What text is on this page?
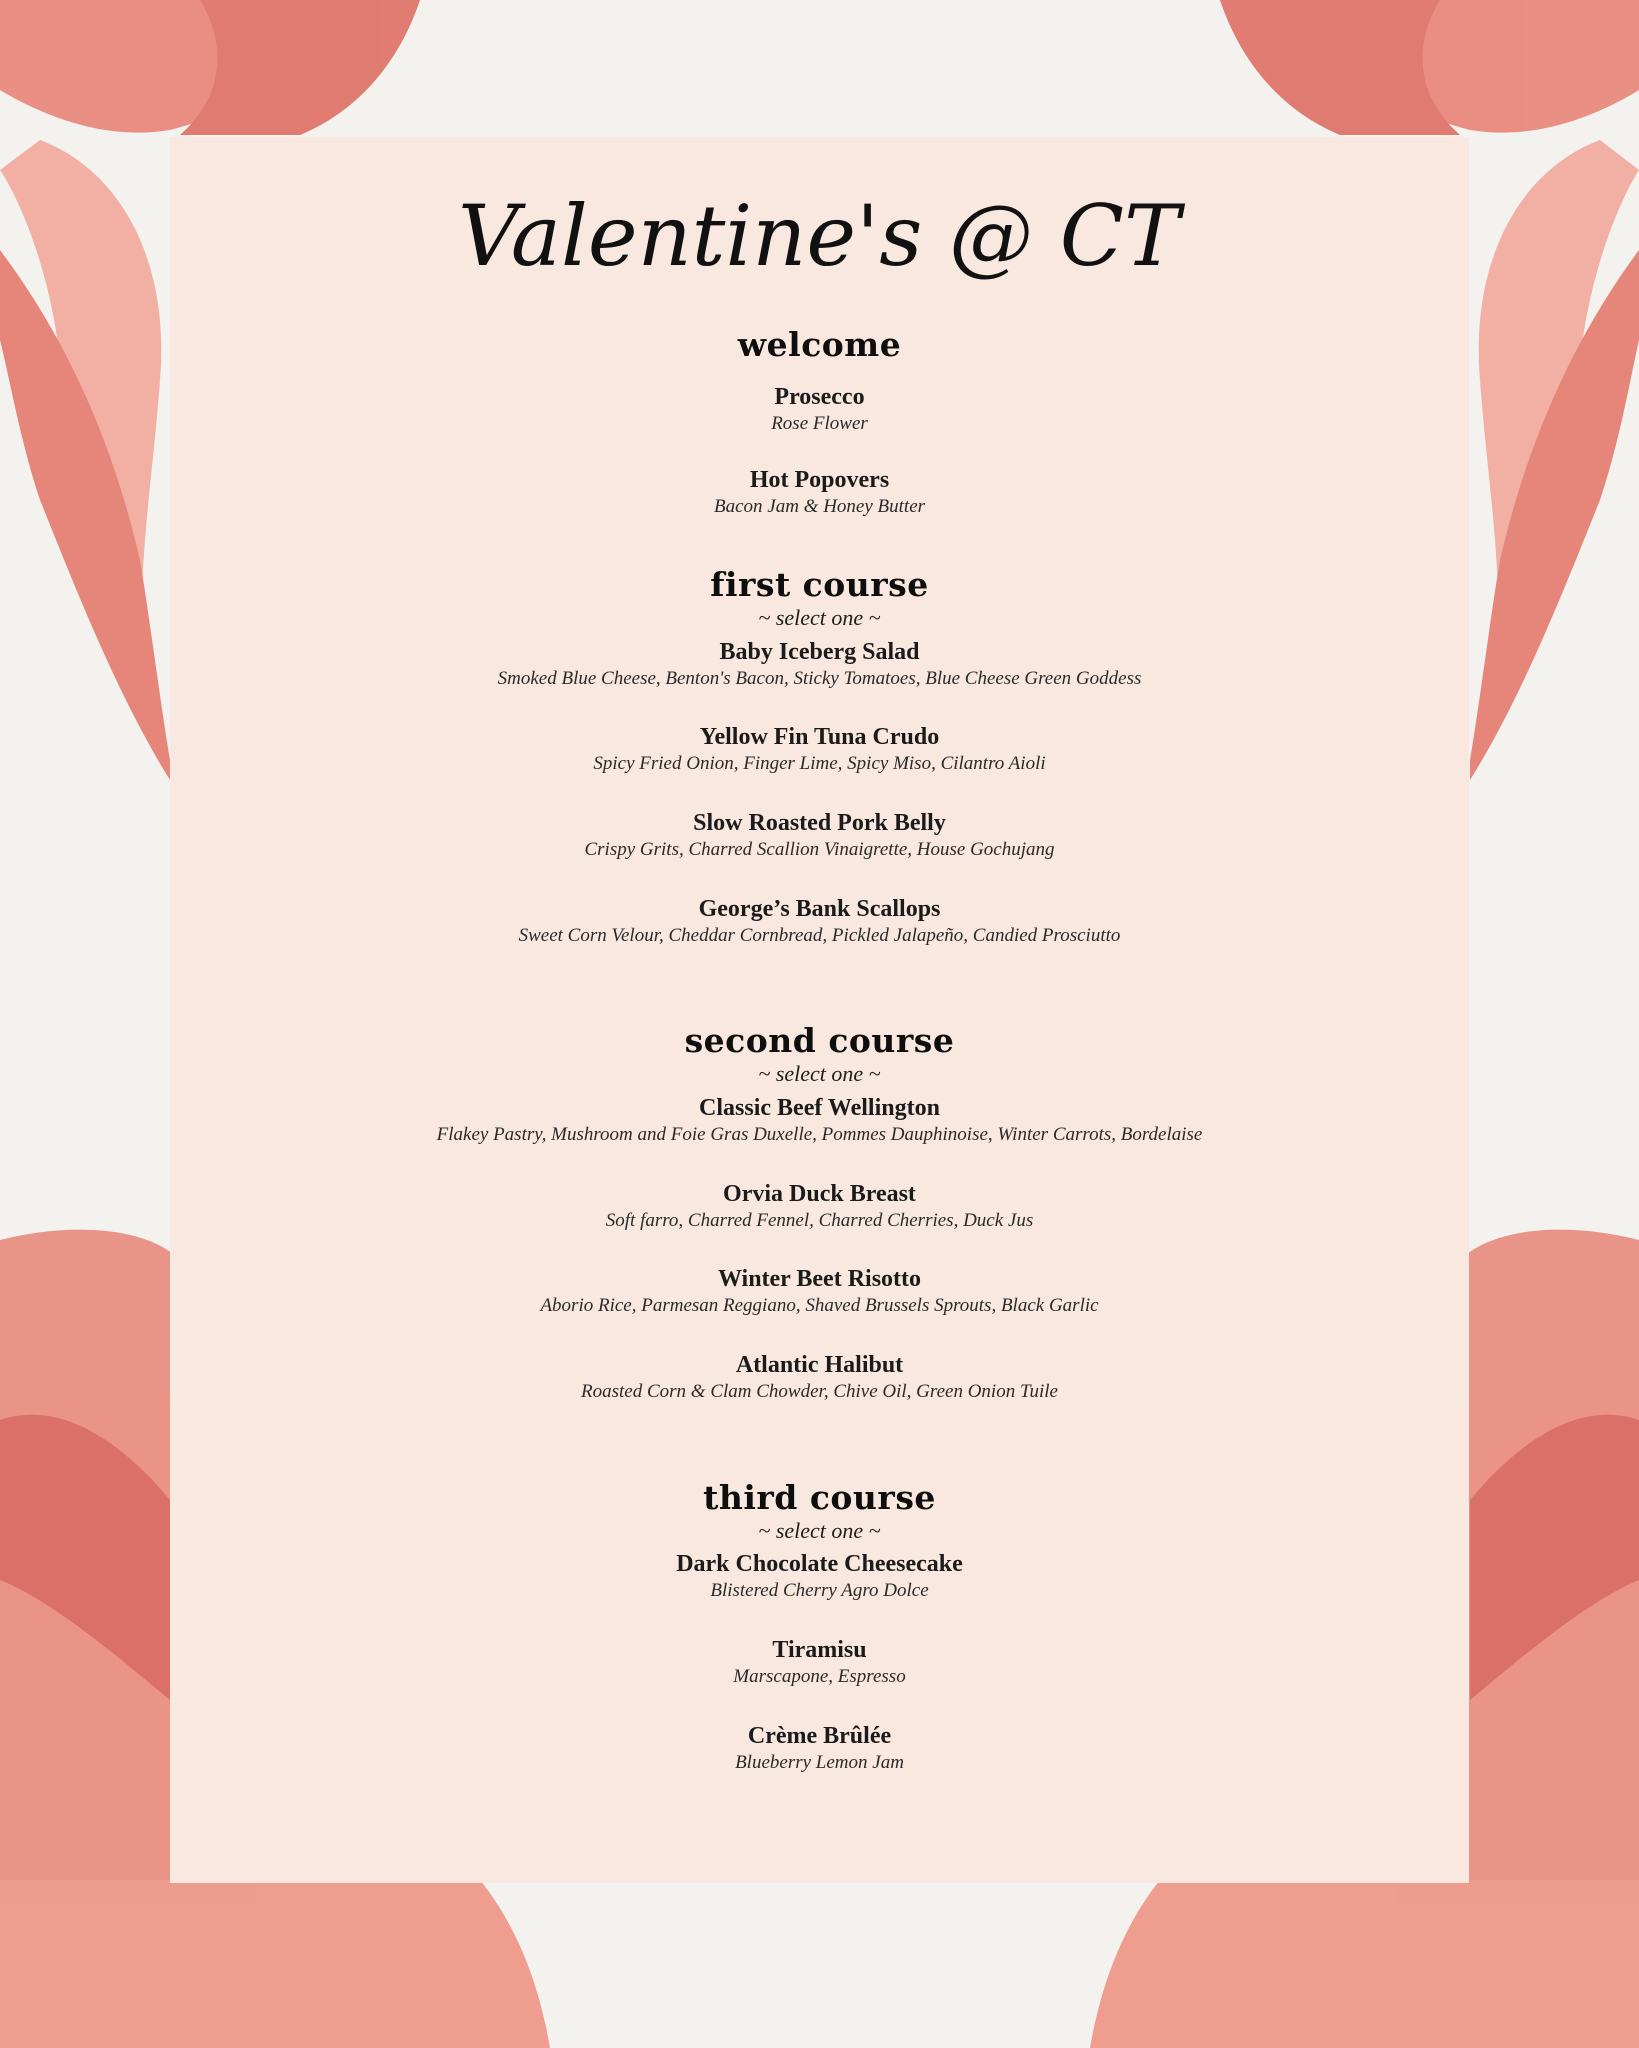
Valentine's @ CT
welcome
Prosecco
Rose Flower
Hot Popovers
Bacon Jam & Honey Butter
first course
~ select one ~
Baby Iceberg Salad
Smoked Blue Cheese, Benton's Bacon, Sticky Tomatoes, Blue Cheese Green Goddess
Yellow Fin Tuna Crudo
Spicy Fried Onion, Finger Lime, Spicy Miso, Cilantro Aioli
Slow Roasted Pork Belly
Crispy Grits, Charred Scallion Vinaigrette, House Gochujang
George’s Bank Scallops
Sweet Corn Velour, Cheddar Cornbread, Pickled Jalapeño, Candied Prosciutto
second course
~ select one ~
Classic Beef Wellington
Flakey Pastry, Mushroom and Foie Gras Duxelle, Pommes Dauphinoise, Winter Carrots, Bordelaise
Orvia Duck Breast
Soft farro, Charred Fennel, Charred Cherries, Duck Jus
Winter Beet Risotto
Aborio Rice, Parmesan Reggiano, Shaved Brussels Sprouts, Black Garlic
Atlantic Halibut
Roasted Corn & Clam Chowder, Chive Oil, Green Onion Tuile
third course
~ select one ~
Dark Chocolate Cheesecake
Blistered Cherry Agro Dolce
Tiramisu
Marscapone, Espresso
Crème Brûlée
Blueberry Lemon Jam
